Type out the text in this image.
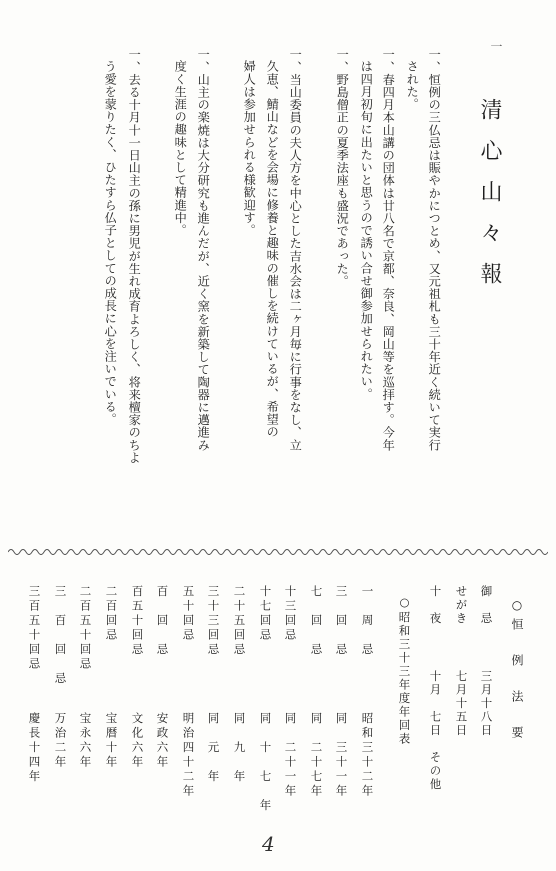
一
清心山々報
一、恒例の三仏忌は賑やかにつとめ、又元祖札も三十年近く続いて実行
された。
一、春四月本山講の団体は廿八名で京都、奈良、岡山等を巡拝す。今年
は四月初旬に出たいと思うので誘い合せ御参加せられたい。
一、野島僧正の夏季法座も盛況であった。
一、当山委員の夫人方を中心とした吉水会は二ヶ月毎に行事をなし、立
久恵、鯖山などを会場に修養と趣味の催しを続けているが、希望の
婦人は参加せられる様歓迎す。
一、山主の楽焼は大分研究も進んだが、近く窯を新築して陶器に邁進み
度く生涯の趣味として精進中。
一、去る十月十一日山主の孫に男児が生れ成育よろしく、将来檀家のちよ
う愛を蒙りたく、ひたすら仏子としての成長に心を注いでいる。
○恒　例　法　要
御　忌
三月十八日
せがき
七月十五日
十　夜
十月　七日　その他
○昭和三十三年度年回表
一　周　忌
昭和三十二年
三　回　忌
同　三十一年
七　回　忌
同　二十七年
十三回忌
同　二十一年
十七回忌
同　十　七　年
二十五回忌
同　九　年
三十三回忌
同　元　年
五十回忌
明治四十二年
百　回　忌
安政六年
百五十回忌
文化六年
二百回忌
宝暦十年
二百五十回忌
宝永六年
三　百　回　忌
万治二年
三百五十回忌
慶長十四年
4
